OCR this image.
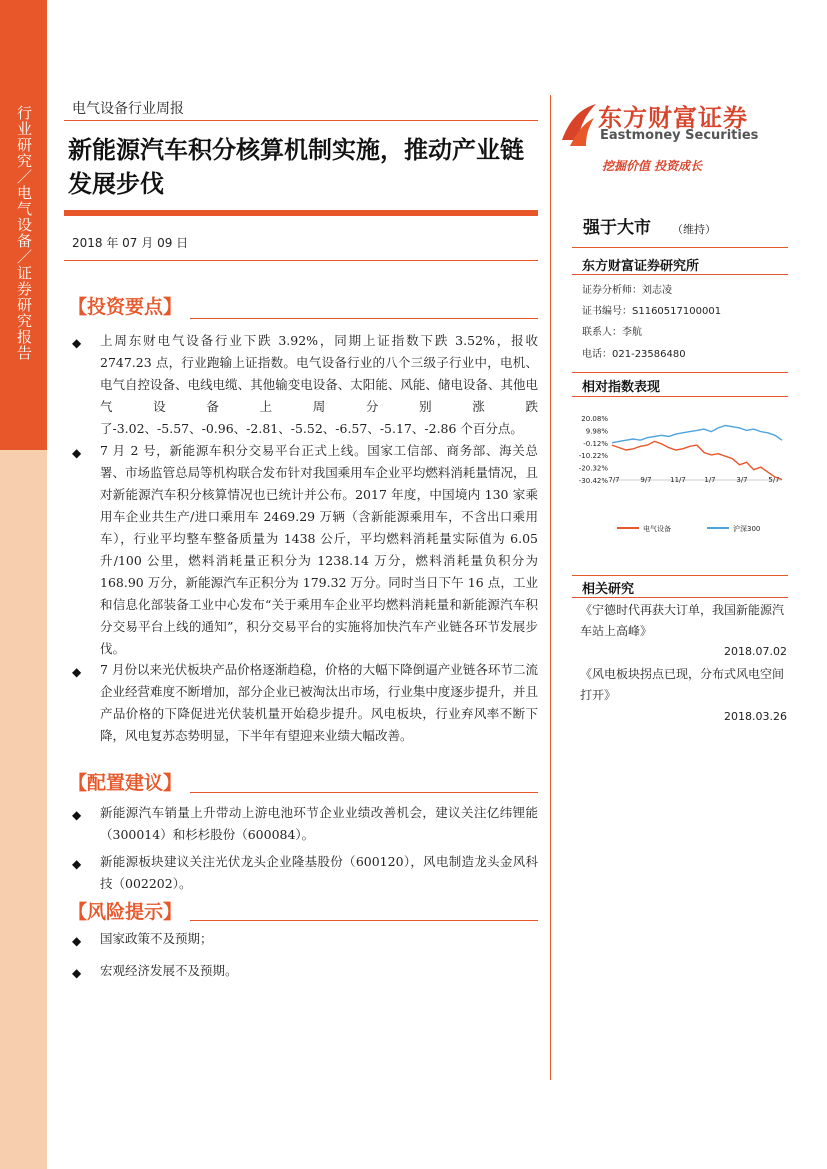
行业研究／电气设备／证券研究报告	电气设备行业周报
新能源汽车积分核算机制实施，推动产业链发展步伐
2018 年 07 月 09 日
东方财富证券
Eastmoney Securities
挖掘价值 投资成长
强于大市 （维持）
东方财富证券研究所
证券分析师：刘志凌
证书编号：S1160517100001
联系人：李航
电话：021-23586480
相对指数表现
20.08%
9.98%
-0.12%
-10.22%
-20.32%
-30.42% 7/7	9/7	11/7	1/7	3/7	5/7
电气设备	沪深300
相关研究
《宁德时代再获大订单，我国新能源汽车站上高峰》
2018.07.02
《风电板块拐点已现，分布式风电空间打开》
2018.03.26
【投资要点】
◆ 上周东财电气设备行业下跌 3.92%，同期上证指数下跌 3.52%，报收 2747.23 点，行业跑输上证指数。电气设备行业的八个三级子行业中，电机、电气自控设备、电线电缆、其他输变电设备、太阳能、风能、储电设备、其他电气设备上周分别涨跌了-3.02、-5.57、-0.96、-2.81、-5.52、-6.57、-5.17、-2.86 个百分点。
◆ 7 月 2 号，新能源车积分交易平台正式上线。国家工信部、商务部、海关总署、市场监管总局等机构联合发布针对我国乘用车企业平均燃料消耗量情况，且对新能源汽车积分核算情况也已统计并公布。2017 年度，中国境内 130 家乘用车企业共生产/进口乘用车 2469.29 万辆（含新能源乘用车，不含出口乘用车），行业平均整车整备质量为 1438 公斤，平均燃料消耗量实际值为 6.05 升/100 公里，燃料消耗量正积分为 1238.14 万分，燃料消耗量负积分为 168.90 万分，新能源汽车正积分为 179.32 万分。同时当日下午 16 点，工业和信息化部装备工业中心发布“关于乘用车企业平均燃料消耗量和新能源汽车积分交易平台上线的通知”，积分交易平台的实施将加快汽车产业链各环节发展步伐。
◆ 7 月份以来光伏板块产品价格逐渐趋稳，价格的大幅下降倒逼产业链各环节二流企业经营难度不断增加，部分企业已被淘汰出市场，行业集中度逐步提升，并且产品价格的下降促进光伏装机量开始稳步提升。风电板块，行业弃风率不断下降，风电复苏态势明显，下半年有望迎来业绩大幅改善。
【配置建议】
◆ 新能源汽车销量上升带动上游电池环节企业业绩改善机会，建议关注亿纬锂能（300014）和杉杉股份（600084）。
◆ 新能源板块建议关注光伏龙头企业隆基股份（600120），风电制造龙头金风科技（002202）。
【风险提示】
◆ 国家政策不及预期；
◆ 宏观经济发展不及预期。
